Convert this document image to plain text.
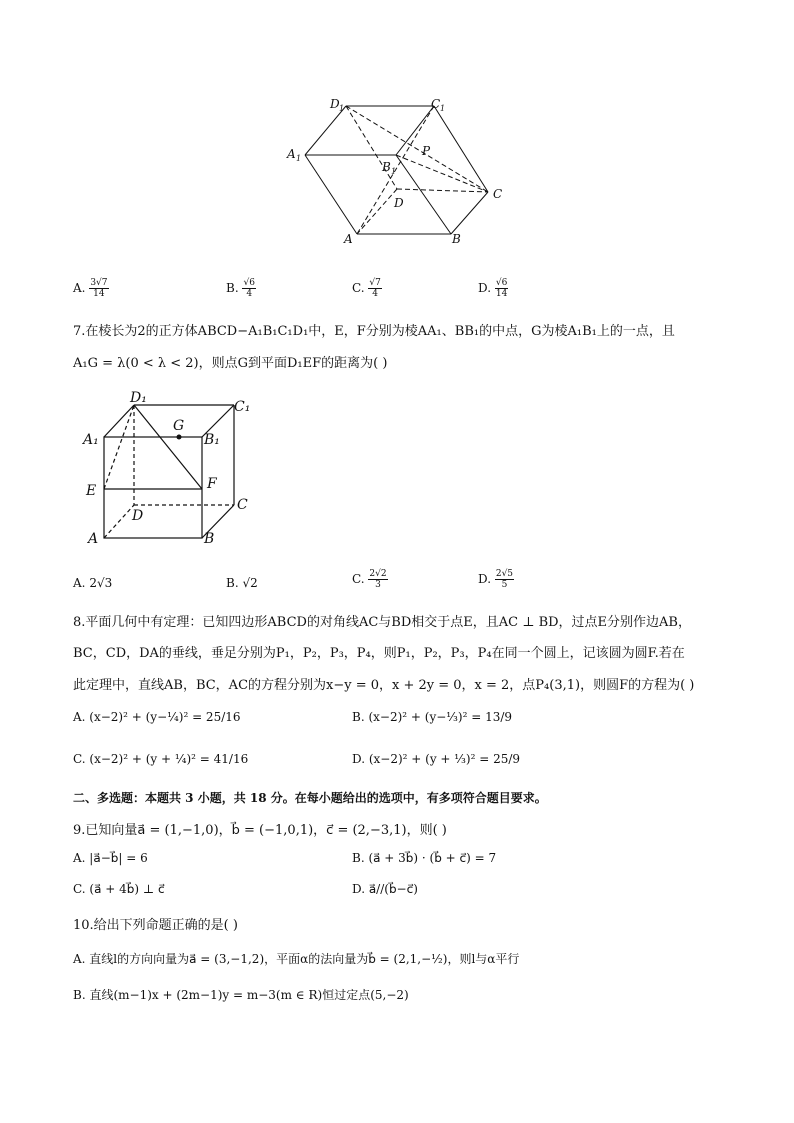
D 1	C 1
A 1
B 1
P
D
C
A	B
A. $\frac{3√7}{14}$	B. $\frac{√6}{4}$	C. $\frac{√7}{4}$	D. $\frac{√6}{14}$
7.在棱长为2的正方体ABCD−A₁B₁C₁D₁中，E，F分别为棱AA₁、BB₁的中点，G为棱A₁B₁上的一点，且
A₁G = λ(0 < λ < 2)，则点G到平面D₁EF的距离为( )
D₁
C₁
G
A₁	B₁
E	F
C
D
A	B
A. 2√3	B. √2	C. $\frac{2√2}{3}$	D. $\frac{2√5}{5}$
8.平面几何中有定理：已知四边形ABCD的对角线AC与BD相交于点E，且AC ⊥ BD，过点E分别作边AB，
BC，CD，DA的垂线，垂足分别为P₁，P₂，P₃，P₄，则P₁，P₂，P₃，P₄在同一个圆上，记该圆为圆F.若在
此定理中，直线AB，BC，AC的方程分别为x−y = 0，x + 2y = 0，x = 2，点P₄(3,1)，则圆F的方程为( )
A. (x−2)² + (y−¼)² = 25/16	B. (x−2)² + (y−⅓)² = 13/9
C. (x−2)² + (y + ¼)² = 41/16	D. (x−2)² + (y + ⅓)² = 25/9
二、多选题：本题共 3 小题，共 18 分。在每小题给出的选项中，有多项符合题目要求。
9.已知向量a⃗ = (1,−1,0)，b⃗ = (−1,0,1)，c⃗ = (2,−3,1)，则( )
A. |a⃗−b⃗| = 6	B. (a⃗ + 3b⃗) · (b⃗ + c⃗) = 7
C. (a⃗ + 4b⃗) ⊥ c⃗	D. a⃗//(b⃗−c⃗)
10.给出下列命题正确的是( )
A. 直线l的方向向量为a⃗ = (3,−1,2)，平面α的法向量为b⃗ = (2,1,−½)，则l与α平行
B. 直线(m−1)x + (2m−1)y = m−3(m ∈ R)恒过定点(5,−2)
